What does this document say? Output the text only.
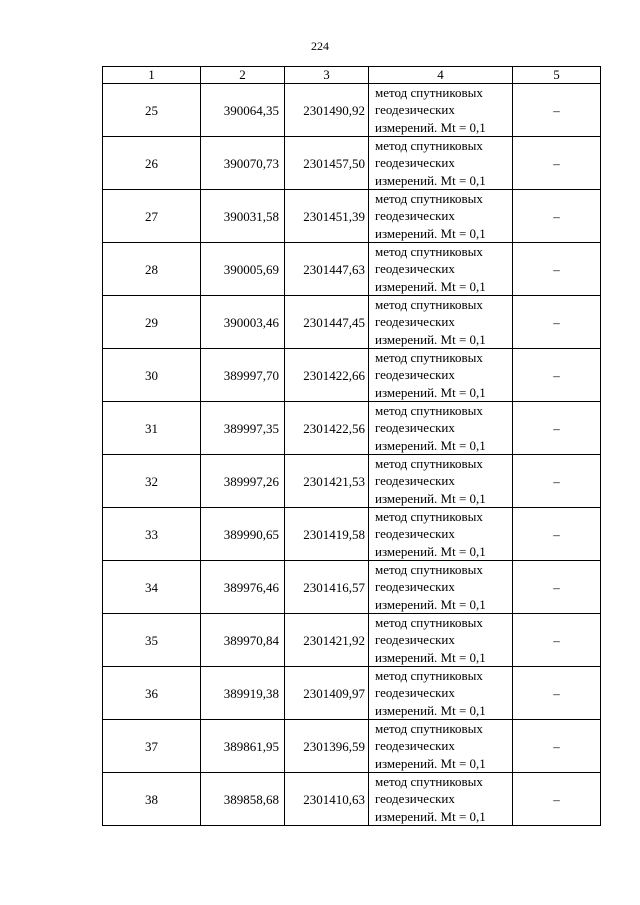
224
1	2	3	4	5
25	390064,35	2301490,92	метод спутниковых
геодезических
измерений. Mt = 0,1	–
26	390070,73	2301457,50	метод спутниковых
геодезических
измерений. Mt = 0,1	–
27	390031,58	2301451,39	метод спутниковых
геодезических
измерений. Mt = 0,1	–
28	390005,69	2301447,63	метод спутниковых
геодезических
измерений. Mt = 0,1	–
29	390003,46	2301447,45	метод спутниковых
геодезических
измерений. Mt = 0,1	–
30	389997,70	2301422,66	метод спутниковых
геодезических
измерений. Mt = 0,1	–
31	389997,35	2301422,56	метод спутниковых
геодезических
измерений. Mt = 0,1	–
32	389997,26	2301421,53	метод спутниковых
геодезических
измерений. Mt = 0,1	–
33	389990,65	2301419,58	метод спутниковых
геодезических
измерений. Mt = 0,1	–
34	389976,46	2301416,57	метод спутниковых
геодезических
измерений. Mt = 0,1	–
35	389970,84	2301421,92	метод спутниковых
геодезических
измерений. Mt = 0,1	–
36	389919,38	2301409,97	метод спутниковых
геодезических
измерений. Mt = 0,1	–
37	389861,95	2301396,59	метод спутниковых
геодезических
измерений. Mt = 0,1	–
38	389858,68	2301410,63	метод спутниковых
геодезических
измерений. Mt = 0,1	–
